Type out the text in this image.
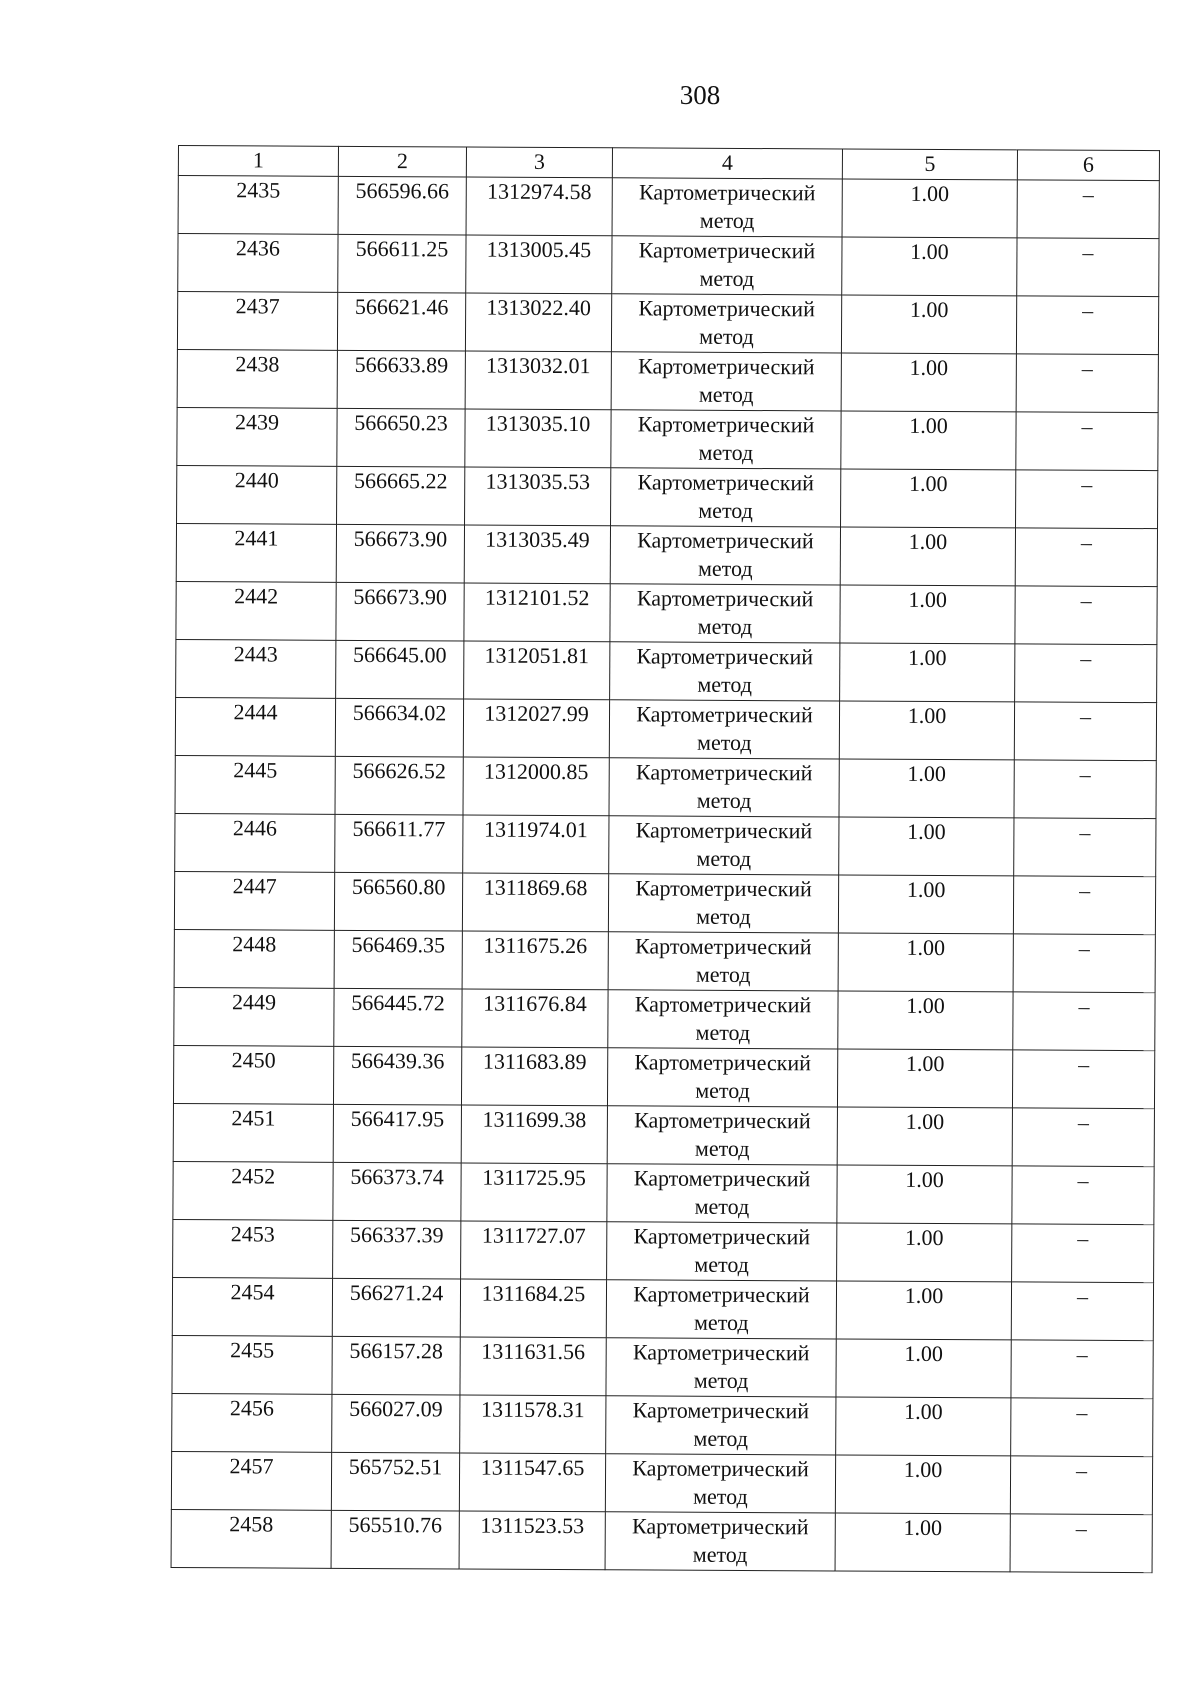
308
1	2	3	4	5	6
2435	566596.66	1312974.58	Картометрический метод	1.00	–
2436	566611.25	1313005.45	Картометрический метод	1.00	–
2437	566621.46	1313022.40	Картометрический метод	1.00	–
2438	566633.89	1313032.01	Картометрический метод	1.00	–
2439	566650.23	1313035.10	Картометрический метод	1.00	–
2440	566665.22	1313035.53	Картометрический метод	1.00	–
2441	566673.90	1313035.49	Картометрический метод	1.00	–
2442	566673.90	1312101.52	Картометрический метод	1.00	–
2443	566645.00	1312051.81	Картометрический метод	1.00	–
2444	566634.02	1312027.99	Картометрический метод	1.00	–
2445	566626.52	1312000.85	Картометрический метод	1.00	–
2446	566611.77	1311974.01	Картометрический метод	1.00	–
2447	566560.80	1311869.68	Картометрический метод	1.00	–
2448	566469.35	1311675.26	Картометрический метод	1.00	–
2449	566445.72	1311676.84	Картометрический метод	1.00	–
2450	566439.36	1311683.89	Картометрический метод	1.00	–
2451	566417.95	1311699.38	Картометрический метод	1.00	–
2452	566373.74	1311725.95	Картометрический метод	1.00	–
2453	566337.39	1311727.07	Картометрический метод	1.00	–
2454	566271.24	1311684.25	Картометрический метод	1.00	–
2455	566157.28	1311631.56	Картометрический метод	1.00	–
2456	566027.09	1311578.31	Картометрический метод	1.00	–
2457	565752.51	1311547.65	Картометрический метод	1.00	–
2458	565510.76	1311523.53	Картометрический метод	1.00	–
